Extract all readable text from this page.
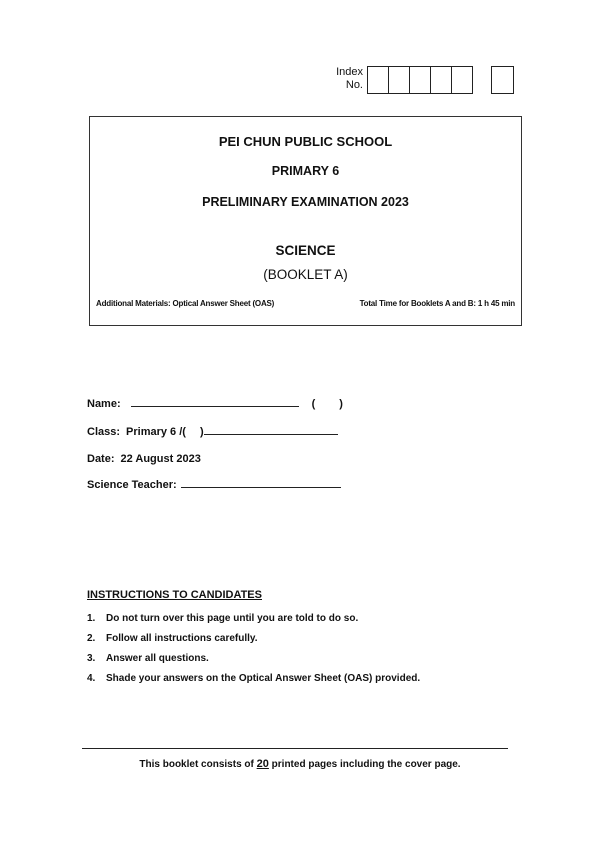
Index
No.
PEI CHUN PUBLIC SCHOOL
PRIMARY 6
PRELIMINARY EXAMINATION 2023
SCIENCE
(BOOKLET A)
Additional Materials: Optical Answer Sheet (OAS)	Total Time for Booklets A and B: 1 h 45 min
Name:	( )
Class: Primary 6 /( )
Date: 22 August 2023
Science Teacher:
INSTRUCTIONS TO CANDIDATES
1.	Do not turn over this page until you are told to do so.
2.	Follow all instructions carefully.
3.	Answer all questions.
4.	Shade your answers on the Optical Answer Sheet (OAS) provided.
This booklet consists of 20 printed pages including the cover page.
